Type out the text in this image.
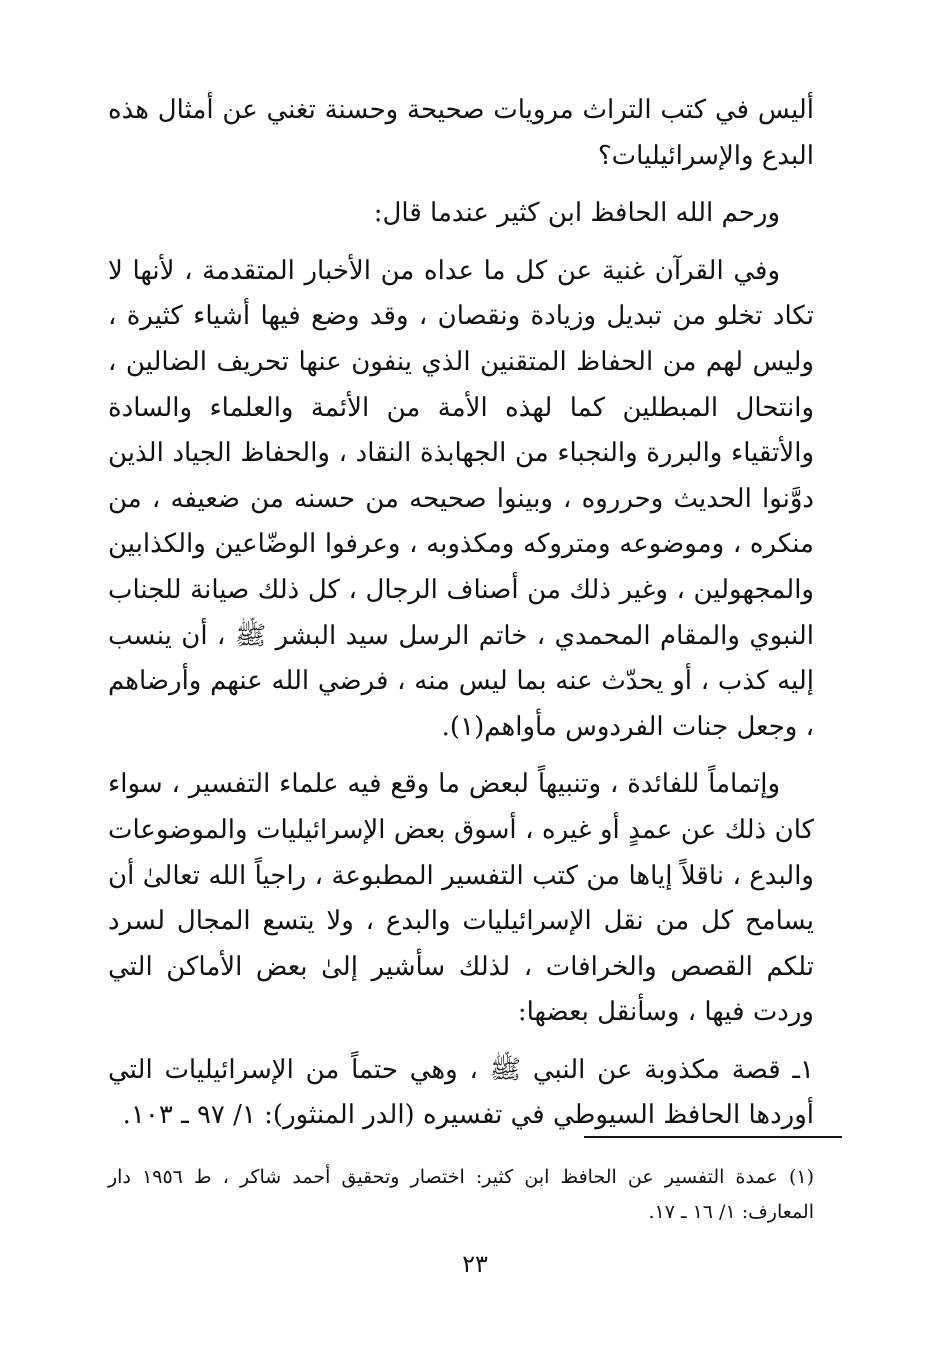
أليس في كتب التراث مرويات صحيحة وحسنة تغني عن أمثال هذه البدع والإسرائيليات؟

ورحم الله الحافظ ابن كثير عندما قال:

وفي القرآن غنية عن كل ما عداه من الأخبار المتقدمة ، لأنها لا تكاد تخلو من تبديل وزيادة ونقصان ، وقد وضع فيها أشياء كثيرة ، وليس لهم من الحفاظ المتقنين الذي ينفون عنها تحريف الضالين ، وانتحال المبطلين كما لهذه الأمة من الأئمة والعلماء والسادة والأتقياء والبررة والنجباء من الجهابذة النقاد ، والحفاظ الجياد الذين دوَّنوا الحديث وحرروه ، وبينوا صحيحه من حسنه من ضعيفه ، من منكره ، وموضوعه ومتروكه ومكذوبه ، وعرفوا الوضّاعين والكذابين والمجهولين ، وغير ذلك من أصناف الرجال ، كل ذلك صيانة للجناب النبوي والمقام المحمدي ، خاتم الرسل سيد البشر ﷺ ، أن ينسب إليه كذب ، أو يحدّث عنه بما ليس منه ، فرضي الله عنهم وأرضاهم ، وجعل جنات الفردوس مأواهم(١).

وإتماماً للفائدة ، وتنبيهاً لبعض ما وقع فيه علماء التفسير ، سواء كان ذلك عن عمدٍ أو غيره ، أسوق بعض الإسرائيليات والموضوعات والبدع ، ناقلاً إياها من كتب التفسير المطبوعة ، راجياً الله تعالىٰ أن يسامح كل من نقل الإسرائيليات والبدع ، ولا يتسع المجال لسرد تلكم القصص والخرافات ، لذلك سأشير إلىٰ بعض الأماكن التي وردت فيها ، وسأنقل بعضها:

١ـ قصة مكذوبة عن النبي ﷺ ، وهي حتماً من الإسرائيليات التي أوردها الحافظ السيوطي في تفسيره (الدر المنثور): ١/ ٩٧ ـ ١٠٣.

(١) عمدة التفسير عن الحافظ ابن كثير: اختصار وتحقيق أحمد شاكر ، ط ١٩٥٦ دار المعارف: ١/ ١٦ ـ ١٧.
٢٣
